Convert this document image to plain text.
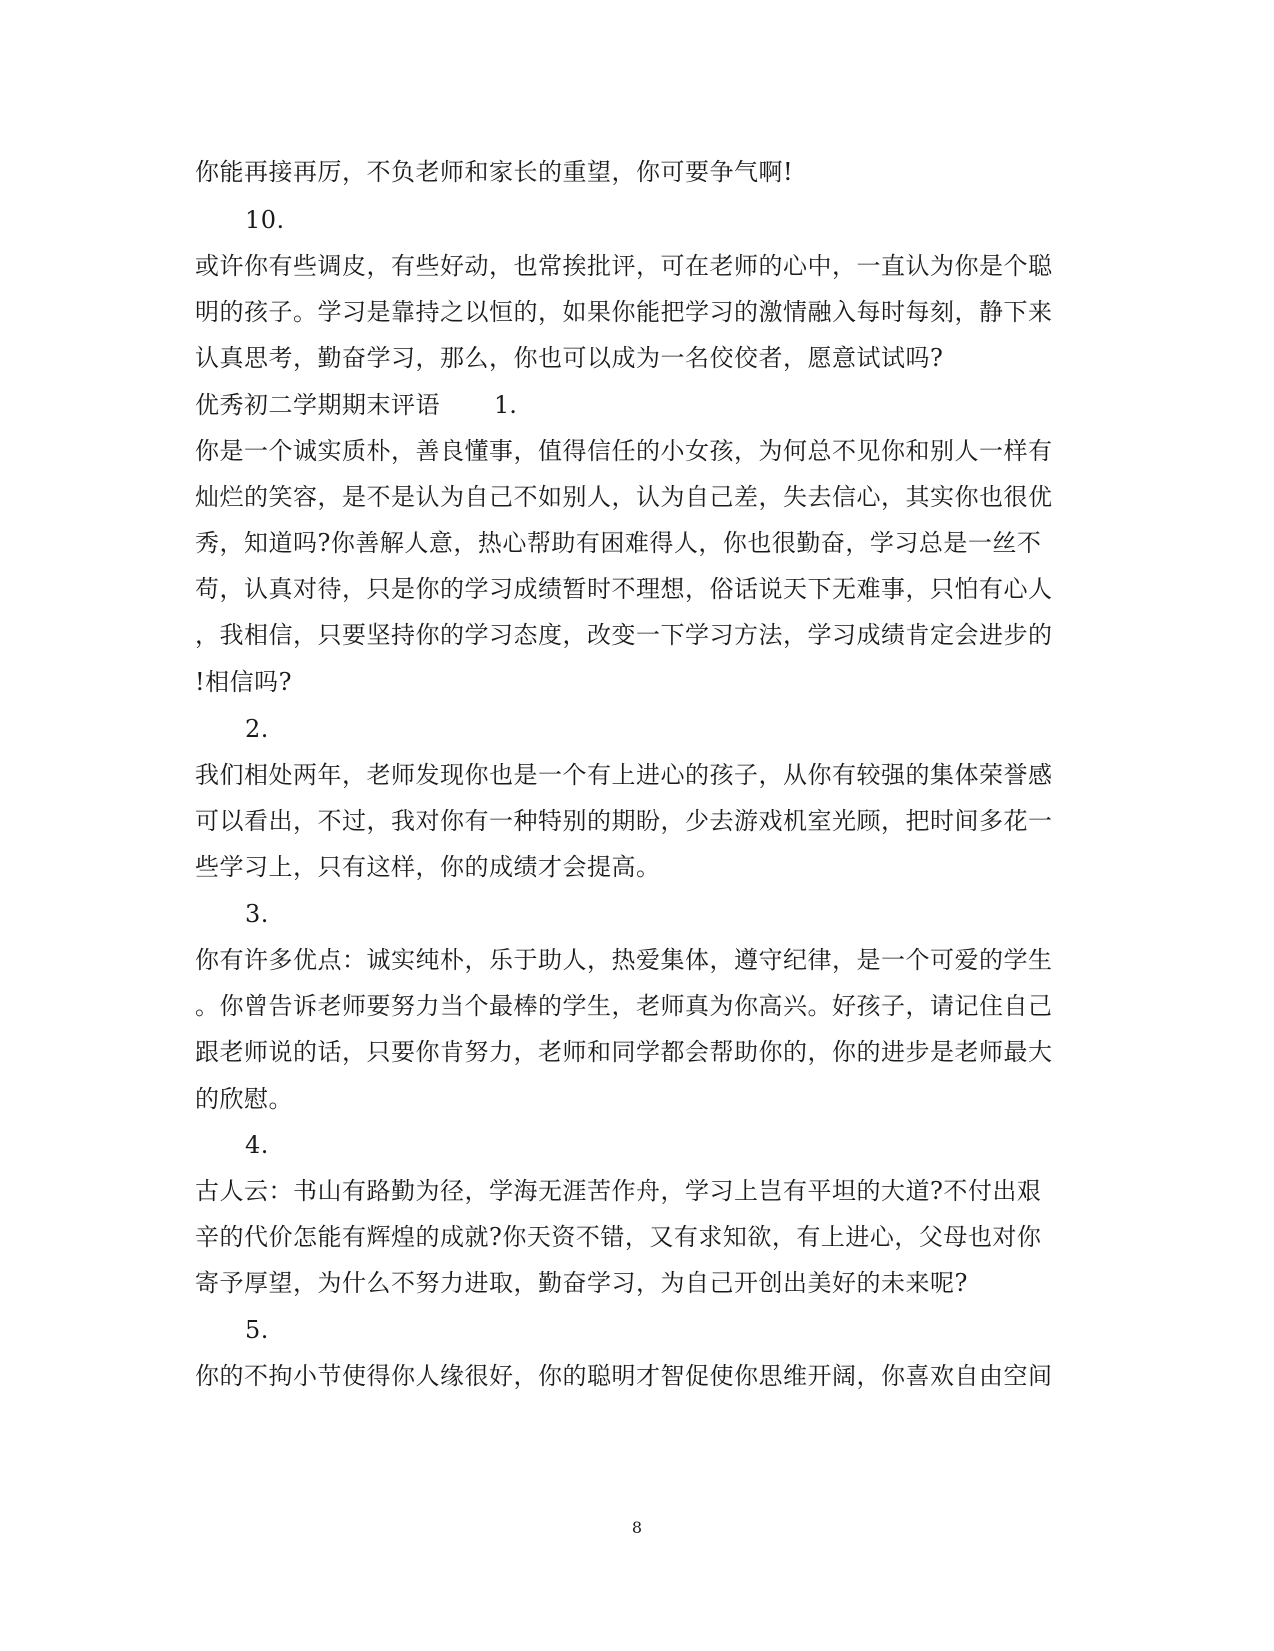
你能再接再厉，不负老师和家长的重望，你可要争气啊!
10.
或许你有些调皮，有些好动，也常挨批评，可在老师的心中，一直认为你是个聪
明的孩子。学习是靠持之以恒的，如果你能把学习的激情融入每时每刻，静下来
认真思考，勤奋学习，那么，你也可以成为一名佼佼者，愿意试试吗?
优秀初二学期期末评语	1.
你是一个诚实质朴，善良懂事，值得信任的小女孩，为何总不见你和别人一样有
灿烂的笑容，是不是认为自己不如别人，认为自己差，失去信心，其实你也很优
秀，知道吗?你善解人意，热心帮助有困难得人，你也很勤奋，学习总是一丝不
苟，认真对待，只是你的学习成绩暂时不理想，俗话说天下无难事，只怕有心人
，我相信，只要坚持你的学习态度，改变一下学习方法，学习成绩肯定会进步的
!相信吗?
2.
我们相处两年，老师发现你也是一个有上进心的孩子，从你有较强的集体荣誉感
可以看出，不过，我对你有一种特别的期盼，少去游戏机室光顾，把时间多花一
些学习上，只有这样，你的成绩才会提高。
3.
你有许多优点：诚实纯朴，乐于助人，热爱集体，遵守纪律，是一个可爱的学生
。你曾告诉老师要努力当个最棒的学生，老师真为你高兴。好孩子，请记住自己
跟老师说的话，只要你肯努力，老师和同学都会帮助你的，你的进步是老师最大
的欣慰。
4.
古人云：书山有路勤为径，学海无涯苦作舟，学习上岂有平坦的大道?不付出艰
辛的代价怎能有辉煌的成就?你天资不错，又有求知欲，有上进心，父母也对你
寄予厚望，为什么不努力进取，勤奋学习，为自己开创出美好的未来呢?
5.
你的不拘小节使得你人缘很好，你的聪明才智促使你思维开阔，你喜欢自由空间
8
